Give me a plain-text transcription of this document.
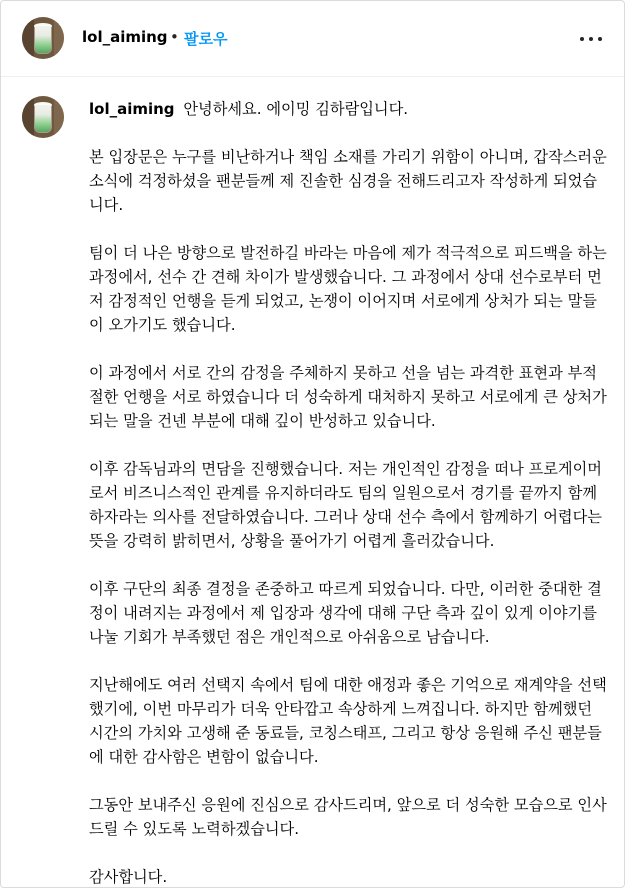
lol_aiming • 팔로우

lol_aiming 안녕하세요. 에이밍 김하람입니다.

본 입장문은 누구를 비난하거나 책임 소재를 가리기 위함이 아니며, 갑작스러운 소식에 걱정하셨을 팬분들께 제 진솔한 심경을 전해드리고자 작성하게 되었습니다.

팀이 더 나은 방향으로 발전하길 바라는 마음에 제가 적극적으로 피드백을 하는 과정에서, 선수 간 견해 차이가 발생했습니다. 그 과정에서 상대 선수로부터 먼저 감정적인 언행을 듣게 되었고, 논쟁이 이어지며 서로에게 상처가 되는 말들이 오가기도 했습니다.

이 과정에서 서로 간의 감정을 주체하지 못하고 선을 넘는 과격한 표현과 부적절한 언행을 서로 하였습니다 더 성숙하게 대처하지 못하고 서로에게 큰 상처가 되는 말을 건넨 부분에 대해 깊이 반성하고 있습니다.

이후 감독님과의 면담을 진행했습니다. 저는 개인적인 감정을 떠나 프로게이머로서 비즈니스적인 관계를 유지하더라도 팀의 일원으로서 경기를 끝까지 함께하자라는 의사를 전달하였습니다. 그러나 상대 선수 측에서 함께하기 어렵다는 뜻을 강력히 밝히면서, 상황을 풀어가기 어렵게 흘러갔습니다.

이후 구단의 최종 결정을 존중하고 따르게 되었습니다. 다만, 이러한 중대한 결정이 내려지는 과정에서 제 입장과 생각에 대해 구단 측과 깊이 있게 이야기를 나눌 기회가 부족했던 점은 개인적으로 아쉬움으로 남습니다.

지난해에도 여러 선택지 속에서 팀에 대한 애정과 좋은 기억으로 재계약을 선택했기에, 이번 마무리가 더욱 안타깝고 속상하게 느껴집니다. 하지만 함께했던 시간의 가치와 고생해 준 동료들, 코칭스태프, 그리고 항상 응원해 주신 팬분들에 대한 감사함은 변함이 없습니다.

그동안 보내주신 응원에 진심으로 감사드리며, 앞으로 더 성숙한 모습으로 인사드릴 수 있도록 노력하겠습니다.

감사합니다.
